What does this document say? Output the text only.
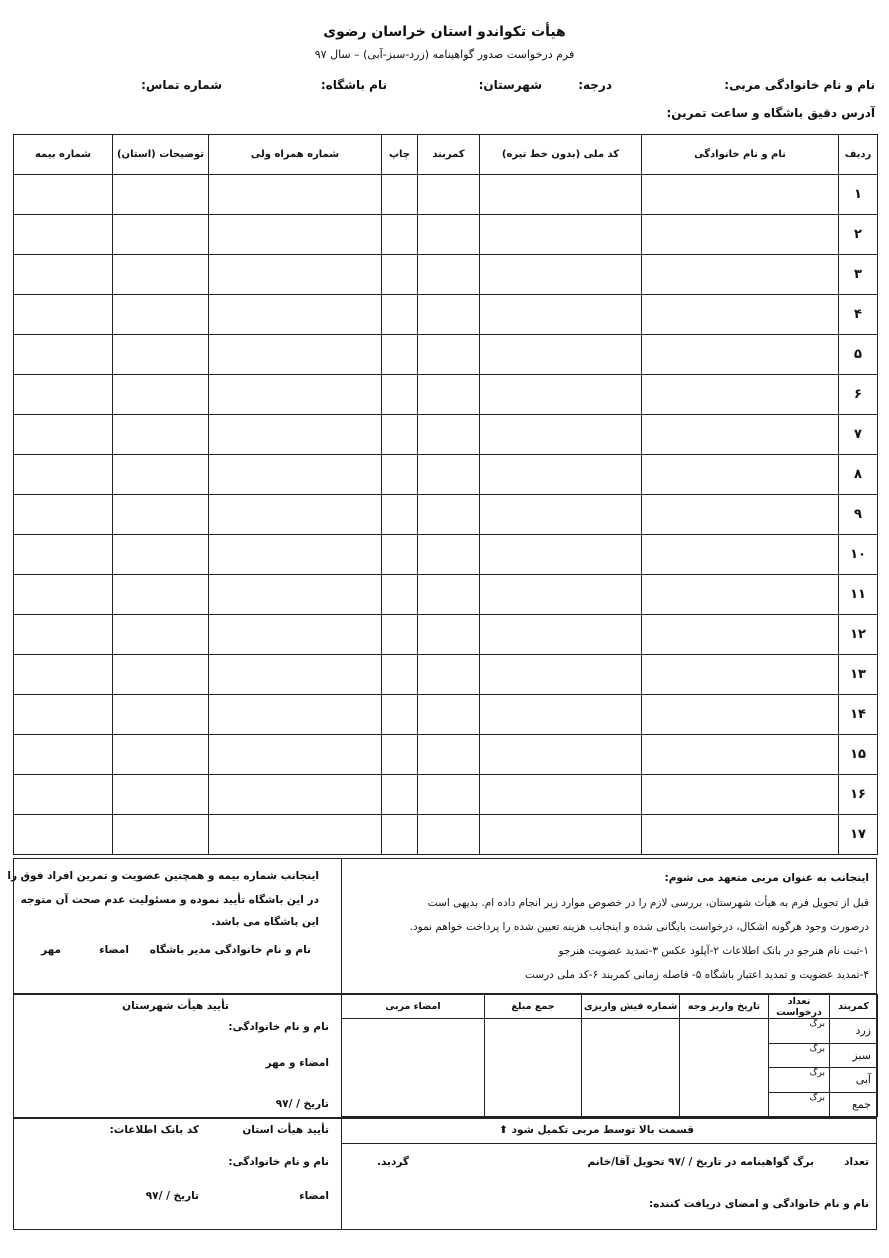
هیأت تکواندو استان خراسان رضوی
فرم درخواست صدور گواهینامه (زرد-سبز-آبی) – سال ۹۷
نام و نام خانوادگی مربی:
درجه:
شهرستان:
نام باشگاه:
شماره تماس:
آدرس دقیق باشگاه و ساعت تمرین:
ردیف	نام و نام خانوادگی	کد ملی (بدون خط تیره)	کمربند	چاپ	شماره همراه ولی	توضیحات (استان)	شماره بیمه
۱							
۲							
۳							
۴							
۵							
۶							
۷							
۸							
۹							
۱۰							
۱۱							
۱۲							
۱۳							
۱۴							
۱۵							
۱۶							
۱۷							
اینجانب به عنوان مربی متعهد می شوم:
قبل از تحویل فرم به هیأت شهرستان، بررسی لازم را در خصوص موارد زیر انجام داده ام. بدیهی است
درصورت وجود هرگونه اشکال، درخواست بایگانی شده و اینجانب هزینه تعیین شده را پرداخت خواهم نمود.
۱-ثبت نام هنرجو در بانک اطلاعات ۲-آپلود عکس ۳-تمدید عضویت هنرجو
۴-تمدید عضویت و تمدید اعتبار باشگاه ۵- فاصله زمانی کمربند ۶-کد ملی درست
اینجانب شماره بیمه و همچنین عضویت و تمرین افراد فوق را
در این باشگاه تأیید نموده و مسئولیت عدم صحت آن متوجه
این باشگاه می باشد.
نام و نام خانوادگی مدیر باشگاه
امضاء
مهر
کمربند	تعداد درخواست	تاریخ واریز وجه	شماره فیش واریزی	جمع مبلغ	امضاء مربی
زرد	برگ				
سبز	برگ				
آبی	برگ				
جمع	برگ				
تأیید هیأت شهرستان
نام و نام خانوادگی:
امضاء و مهر
تاریخ / /۹۷
قسمت بالا توسط مربی تکمیل شود ⬆
تعداد
برگ گواهینامه در تاریخ / /۹۷ تحویل آقا/خانم
گردید.
نام و نام خانوادگی و امضای دریافت کننده:
تأیید هیأت استان
کد بانک اطلاعات:
نام و نام خانوادگی:
امضاء
تاریخ / /۹۷
